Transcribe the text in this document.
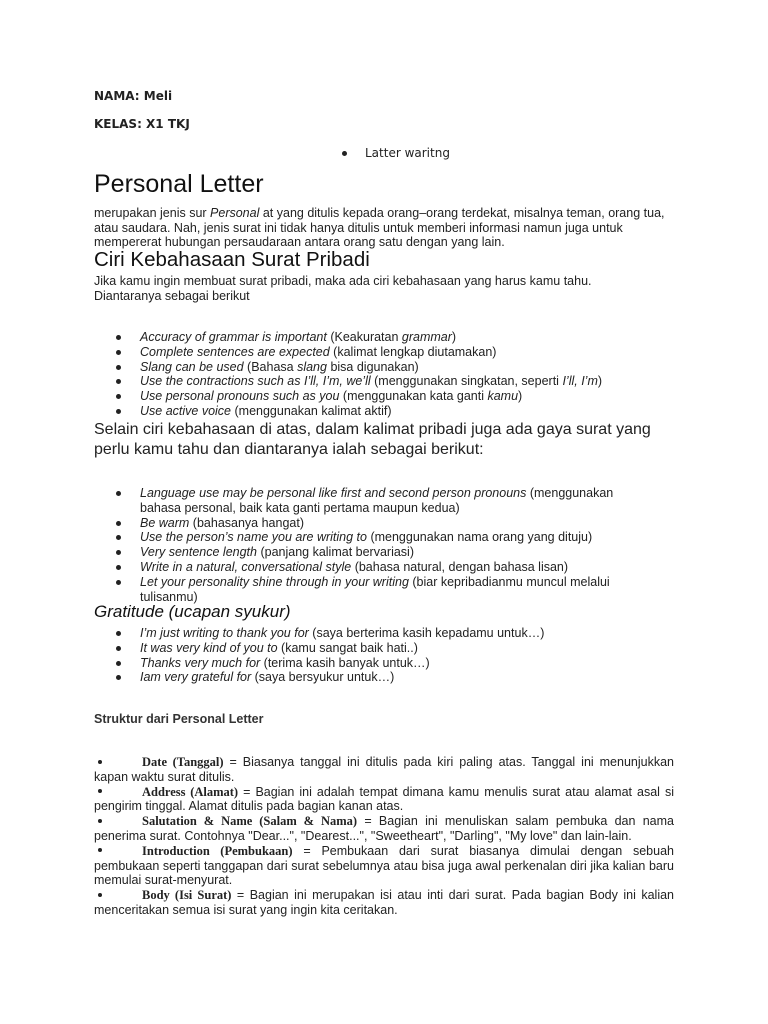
NAMA: Meli
KELAS: X1 TKJ
Latter waritng
Personal Letter
merupakan jenis sur Personal at yang ditulis kepada orang–orang terdekat, misalnya teman, orang tua, atau saudara. Nah, jenis surat ini tidak hanya ditulis untuk memberi informasi namun juga untuk mempererat hubungan persaudaraan antara orang satu dengan yang lain.
Ciri Kebahasaan Surat Pribadi
Jika kamu ingin membuat surat pribadi, maka ada ciri kebahasaan yang harus kamu tahu.
Diantaranya sebagai berikut
Accuracy of grammar is important (Keakuratan grammar)
Complete sentences are expected (kalimat lengkap diutamakan)
Slang can be used (Bahasa slang bisa digunakan)
Use the contractions such as I’ll, I’m, we’ll (menggunakan singkatan, seperti I’ll, I’m)
Use personal pronouns such as you (menggunakan kata ganti kamu)
Use active voice (menggunakan kalimat aktif)
Selain ciri kebahasaan di atas, dalam kalimat pribadi juga ada gaya surat yang perlu kamu tahu dan diantaranya ialah sebagai berikut:
Language use may be personal like first and second person pronouns (menggunakan
bahasa personal, baik kata ganti pertama maupun kedua)
Be warm (bahasanya hangat)
Use the person’s name you are writing to (menggunakan nama orang yang dituju)
Very sentence length (panjang kalimat bervariasi)
Write in a natural, conversational style (bahasa natural, dengan bahasa lisan)
Let your personality shine through in your writing (biar kepribadianmu muncul melalui
tulisanmu)
Gratitude (ucapan syukur)
I’m just writing to thank you for (saya berterima kasih kepadamu untuk…)
It was very kind of you to (kamu sangat baik hati..)
Thanks very much for (terima kasih banyak untuk…)
Iam very grateful for (saya bersyukur untuk…)
Struktur dari Personal Letter
Date (Tanggal) = Biasanya tanggal ini ditulis pada kiri paling atas. Tanggal ini menunjukkan kapan waktu surat ditulis.
Address (Alamat) = Bagian ini adalah tempat dimana kamu menulis surat atau alamat asal si pengirim tinggal. Alamat ditulis pada bagian kanan atas.
Salutation & Name (Salam & Nama) = Bagian ini menuliskan salam pembuka dan nama penerima surat. Contohnya "Dear...", "Dearest...", "Sweetheart", "Darling", "My love" dan lain-lain.
Introduction (Pembukaan) = Pembukaan dari surat biasanya dimulai dengan sebuah pembukaan seperti tanggapan dari surat sebelumnya atau bisa juga awal perkenalan diri jika kalian baru memulai surat-menyurat.
Body (Isi Surat) = Bagian ini merupakan isi atau inti dari surat. Pada bagian Body ini kalian menceritakan semua isi surat yang ingin kita ceritakan.
